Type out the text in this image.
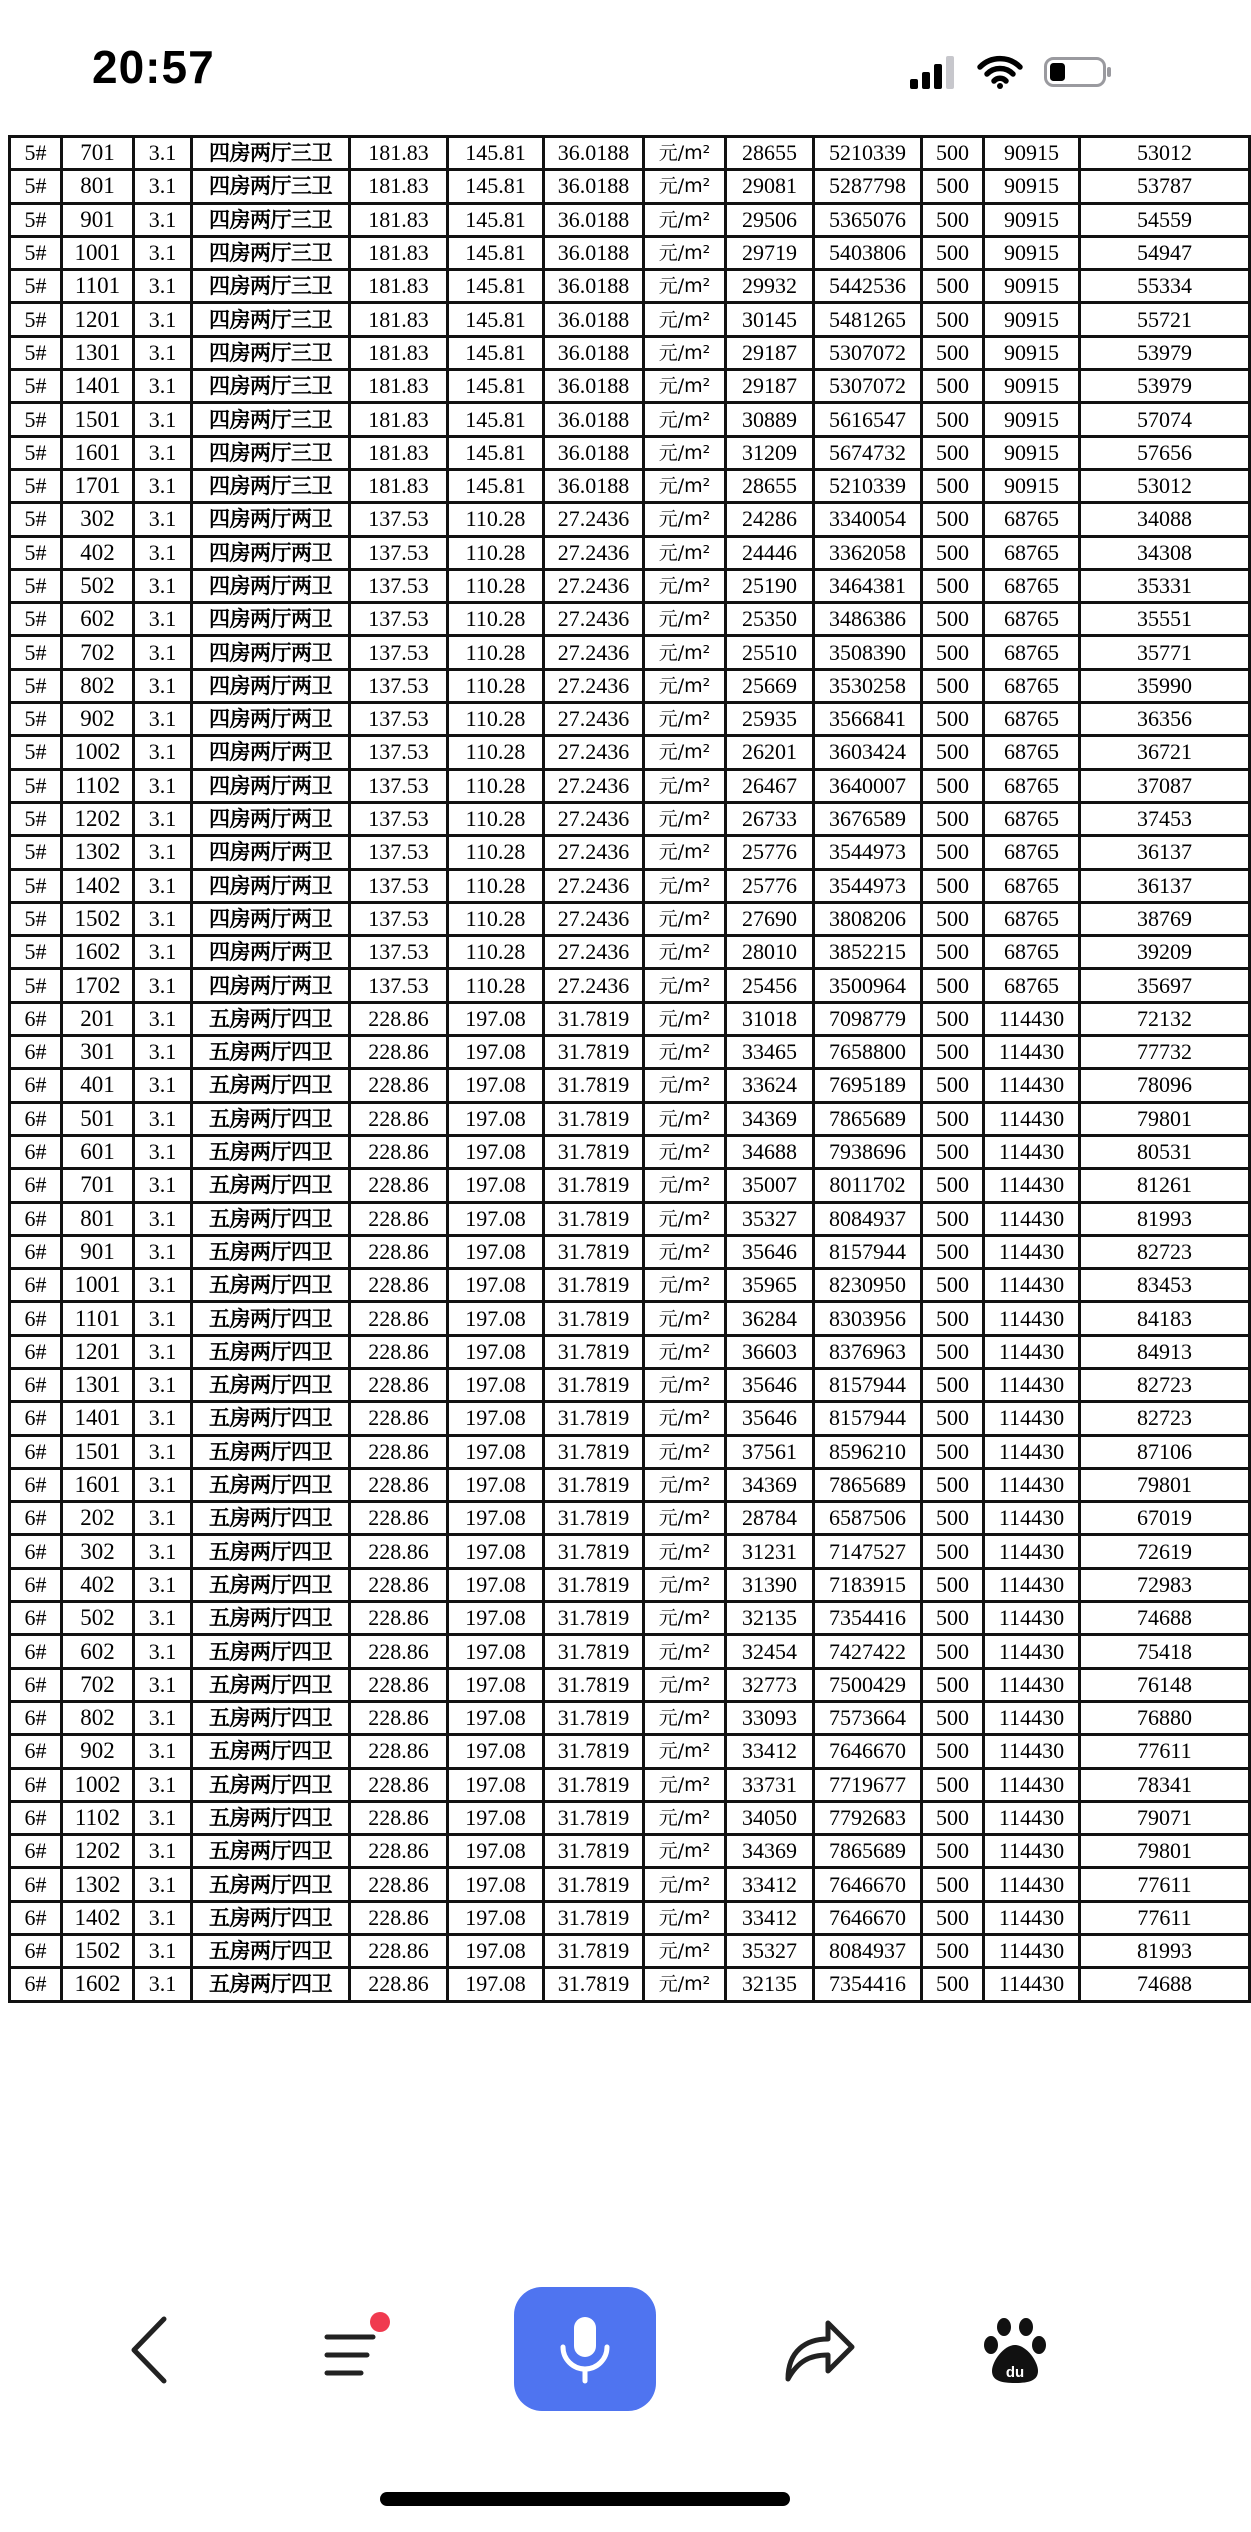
20:57
5#	701	3.1	四房两厅三卫	181.83	145.81	36.0188	元/m²	28655	5210339	500	90915	53012
5#	801	3.1	四房两厅三卫	181.83	145.81	36.0188	元/m²	29081	5287798	500	90915	53787
5#	901	3.1	四房两厅三卫	181.83	145.81	36.0188	元/m²	29506	5365076	500	90915	54559
5#	1001	3.1	四房两厅三卫	181.83	145.81	36.0188	元/m²	29719	5403806	500	90915	54947
5#	1101	3.1	四房两厅三卫	181.83	145.81	36.0188	元/m²	29932	5442536	500	90915	55334
5#	1201	3.1	四房两厅三卫	181.83	145.81	36.0188	元/m²	30145	5481265	500	90915	55721
5#	1301	3.1	四房两厅三卫	181.83	145.81	36.0188	元/m²	29187	5307072	500	90915	53979
5#	1401	3.1	四房两厅三卫	181.83	145.81	36.0188	元/m²	29187	5307072	500	90915	53979
5#	1501	3.1	四房两厅三卫	181.83	145.81	36.0188	元/m²	30889	5616547	500	90915	57074
5#	1601	3.1	四房两厅三卫	181.83	145.81	36.0188	元/m²	31209	5674732	500	90915	57656
5#	1701	3.1	四房两厅三卫	181.83	145.81	36.0188	元/m²	28655	5210339	500	90915	53012
5#	302	3.1	四房两厅两卫	137.53	110.28	27.2436	元/m²	24286	3340054	500	68765	34088
5#	402	3.1	四房两厅两卫	137.53	110.28	27.2436	元/m²	24446	3362058	500	68765	34308
5#	502	3.1	四房两厅两卫	137.53	110.28	27.2436	元/m²	25190	3464381	500	68765	35331
5#	602	3.1	四房两厅两卫	137.53	110.28	27.2436	元/m²	25350	3486386	500	68765	35551
5#	702	3.1	四房两厅两卫	137.53	110.28	27.2436	元/m²	25510	3508390	500	68765	35771
5#	802	3.1	四房两厅两卫	137.53	110.28	27.2436	元/m²	25669	3530258	500	68765	35990
5#	902	3.1	四房两厅两卫	137.53	110.28	27.2436	元/m²	25935	3566841	500	68765	36356
5#	1002	3.1	四房两厅两卫	137.53	110.28	27.2436	元/m²	26201	3603424	500	68765	36721
5#	1102	3.1	四房两厅两卫	137.53	110.28	27.2436	元/m²	26467	3640007	500	68765	37087
5#	1202	3.1	四房两厅两卫	137.53	110.28	27.2436	元/m²	26733	3676589	500	68765	37453
5#	1302	3.1	四房两厅两卫	137.53	110.28	27.2436	元/m²	25776	3544973	500	68765	36137
5#	1402	3.1	四房两厅两卫	137.53	110.28	27.2436	元/m²	25776	3544973	500	68765	36137
5#	1502	3.1	四房两厅两卫	137.53	110.28	27.2436	元/m²	27690	3808206	500	68765	38769
5#	1602	3.1	四房两厅两卫	137.53	110.28	27.2436	元/m²	28010	3852215	500	68765	39209
5#	1702	3.1	四房两厅两卫	137.53	110.28	27.2436	元/m²	25456	3500964	500	68765	35697
6#	201	3.1	五房两厅四卫	228.86	197.08	31.7819	元/m²	31018	7098779	500	114430	72132
6#	301	3.1	五房两厅四卫	228.86	197.08	31.7819	元/m²	33465	7658800	500	114430	77732
6#	401	3.1	五房两厅四卫	228.86	197.08	31.7819	元/m²	33624	7695189	500	114430	78096
6#	501	3.1	五房两厅四卫	228.86	197.08	31.7819	元/m²	34369	7865689	500	114430	79801
6#	601	3.1	五房两厅四卫	228.86	197.08	31.7819	元/m²	34688	7938696	500	114430	80531
6#	701	3.1	五房两厅四卫	228.86	197.08	31.7819	元/m²	35007	8011702	500	114430	81261
6#	801	3.1	五房两厅四卫	228.86	197.08	31.7819	元/m²	35327	8084937	500	114430	81993
6#	901	3.1	五房两厅四卫	228.86	197.08	31.7819	元/m²	35646	8157944	500	114430	82723
6#	1001	3.1	五房两厅四卫	228.86	197.08	31.7819	元/m²	35965	8230950	500	114430	83453
6#	1101	3.1	五房两厅四卫	228.86	197.08	31.7819	元/m²	36284	8303956	500	114430	84183
6#	1201	3.1	五房两厅四卫	228.86	197.08	31.7819	元/m²	36603	8376963	500	114430	84913
6#	1301	3.1	五房两厅四卫	228.86	197.08	31.7819	元/m²	35646	8157944	500	114430	82723
6#	1401	3.1	五房两厅四卫	228.86	197.08	31.7819	元/m²	35646	8157944	500	114430	82723
6#	1501	3.1	五房两厅四卫	228.86	197.08	31.7819	元/m²	37561	8596210	500	114430	87106
6#	1601	3.1	五房两厅四卫	228.86	197.08	31.7819	元/m²	34369	7865689	500	114430	79801
6#	202	3.1	五房两厅四卫	228.86	197.08	31.7819	元/m²	28784	6587506	500	114430	67019
6#	302	3.1	五房两厅四卫	228.86	197.08	31.7819	元/m²	31231	7147527	500	114430	72619
6#	402	3.1	五房两厅四卫	228.86	197.08	31.7819	元/m²	31390	7183915	500	114430	72983
6#	502	3.1	五房两厅四卫	228.86	197.08	31.7819	元/m²	32135	7354416	500	114430	74688
6#	602	3.1	五房两厅四卫	228.86	197.08	31.7819	元/m²	32454	7427422	500	114430	75418
6#	702	3.1	五房两厅四卫	228.86	197.08	31.7819	元/m²	32773	7500429	500	114430	76148
6#	802	3.1	五房两厅四卫	228.86	197.08	31.7819	元/m²	33093	7573664	500	114430	76880
6#	902	3.1	五房两厅四卫	228.86	197.08	31.7819	元/m²	33412	7646670	500	114430	77611
6#	1002	3.1	五房两厅四卫	228.86	197.08	31.7819	元/m²	33731	7719677	500	114430	78341
6#	1102	3.1	五房两厅四卫	228.86	197.08	31.7819	元/m²	34050	7792683	500	114430	79071
6#	1202	3.1	五房两厅四卫	228.86	197.08	31.7819	元/m²	34369	7865689	500	114430	79801
6#	1302	3.1	五房两厅四卫	228.86	197.08	31.7819	元/m²	33412	7646670	500	114430	77611
6#	1402	3.1	五房两厅四卫	228.86	197.08	31.7819	元/m²	33412	7646670	500	114430	77611
6#	1502	3.1	五房两厅四卫	228.86	197.08	31.7819	元/m²	35327	8084937	500	114430	81993
6#	1602	3.1	五房两厅四卫	228.86	197.08	31.7819	元/m²	32135	7354416	500	114430	74688
du
